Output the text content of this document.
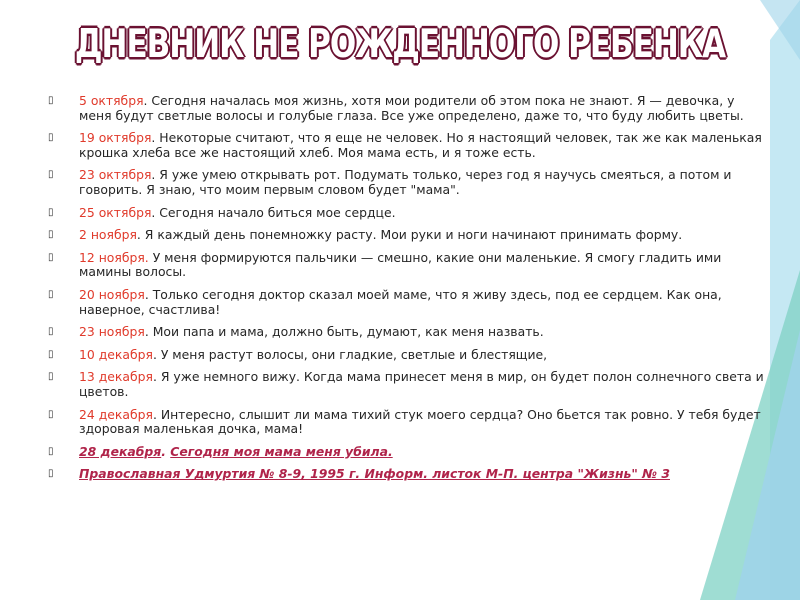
ДНЕВНИК НЕ РОЖДЕННОГО РЕБЕНКА
▯ 5 октября. Сегодня началась моя жизнь, хотя мои родители об этом пока не знают. Я — девочка, у меня будут светлые волосы и голубые глаза. Все уже определено, даже то, что буду любить цветы.
▯ 19 октября. Некоторые считают, что я еще не человек. Но я настоящий человек, так же как маленькая крошка хлеба все же настоящий хлеб. Моя мама есть, и я тоже есть.
▯ 23 октября. Я уже умею открывать рот. Подумать только, через год я научусь смеяться, а потом и говорить. Я знаю, что моим первым словом будет "мама".
▯ 25 октября. Сегодня начало биться мое сердце.
▯ 2 ноября. Я каждый день понемножку расту. Мои руки и ноги начинают принимать форму.
▯ 12 ноября. У меня формируются пальчики — смешно, какие они маленькие. Я смогу гладить ими мамины волосы.
▯ 20 ноября. Только сегодня доктор сказал моей маме, что я живу здесь, под ее сердцем. Как она, наверное, счастлива!
▯ 23 ноября. Мои папа и мама, должно быть, думают, как меня назвать.
▯ 10 декабря. У меня растут волосы, они гладкие, светлые и блестящие,
▯ 13 декабря. Я уже немного вижу. Когда мама принесет меня в мир, он будет полон солнечного света и цветов.
▯ 24 декабря. Интересно, слышит ли мама тихий стук моего сердца? Оно бьется так ровно. У тебя будет здоровая маленькая дочка, мама!
▯ 28 декабря. Сегодня моя мама меня убила.
▯ Православная Удмуртия № 8-9, 1995 г. Информ. листок М-П. центра "Жизнь" № 3
